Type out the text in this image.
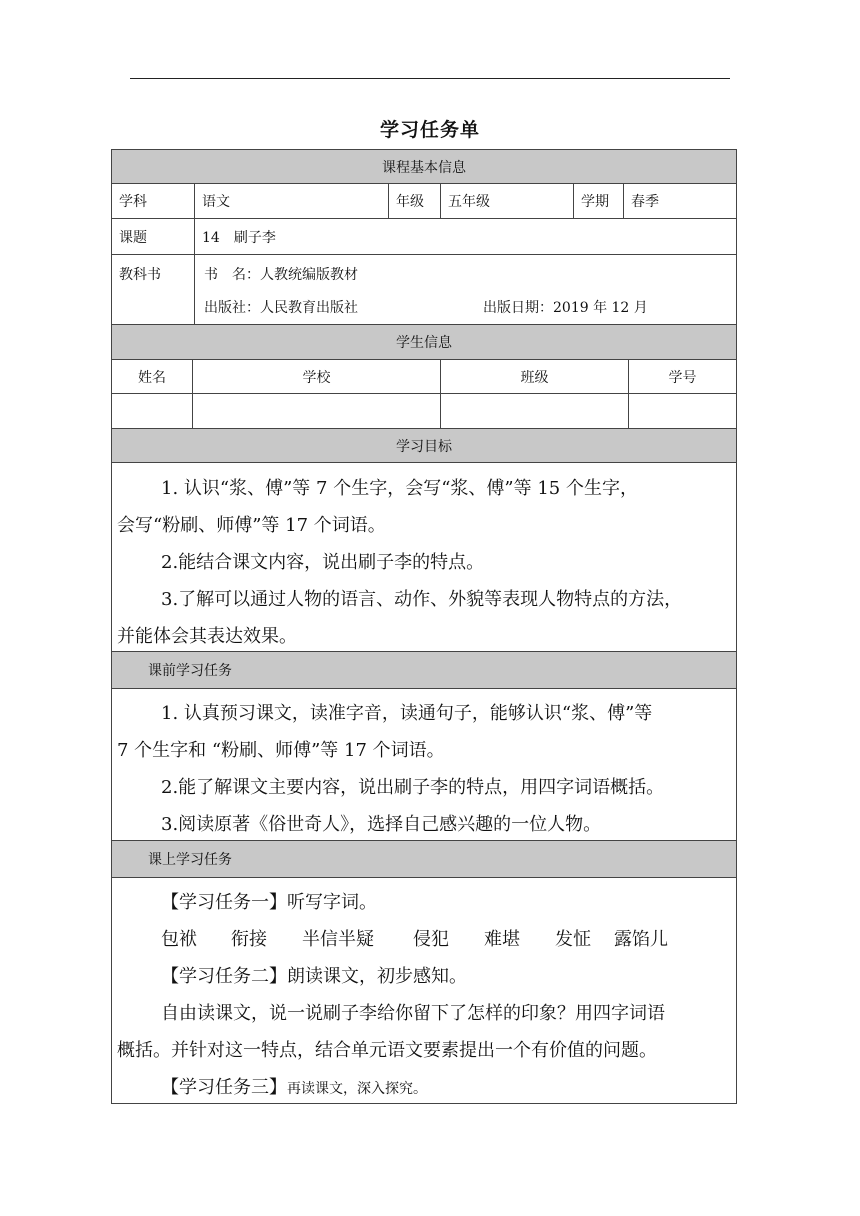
学习任务单
课程基本信息
学科	语文	年级	五年级	学期	春季
课题	14　刷子李
教科书	书　名：人教统编版教材
出版社：人民教育出版社	出版日期：2019 年 12 月
学生信息
姓名	学校	班级	学号
学习目标
1. 认识“浆、傅”等 7 个生字，会写“浆、傅”等 15 个生字，
会写“粉刷、师傅”等 17 个词语。
2.能结合课文内容，说出刷子李的特点。
3.了解可以通过人物的语言、动作、外貌等表现人物特点的方法，
并能体会其表达效果。
课前学习任务
1. 认真预习课文，读准字音，读通句子，能够认识“浆、傅”等
7 个生字和 “粉刷、师傅”等 17 个词语。
2.能了解课文主要内容，说出刷子李的特点，用四字词语概括。
3.阅读原著《俗世奇人》，选择自己感兴趣的一位人物。
课上学习任务
【学习任务一】听写字词。
包袱	衔接	半信半疑	侵犯	难堪	发怔	露馅儿
【学习任务二】朗读课文，初步感知。
自由读课文，说一说刷子李给你留下了怎样的印象？用四字词语
概括。并针对这一特点，结合单元语文要素提出一个有价值的问题。
【学习任务三】再读课文，深入探究。
